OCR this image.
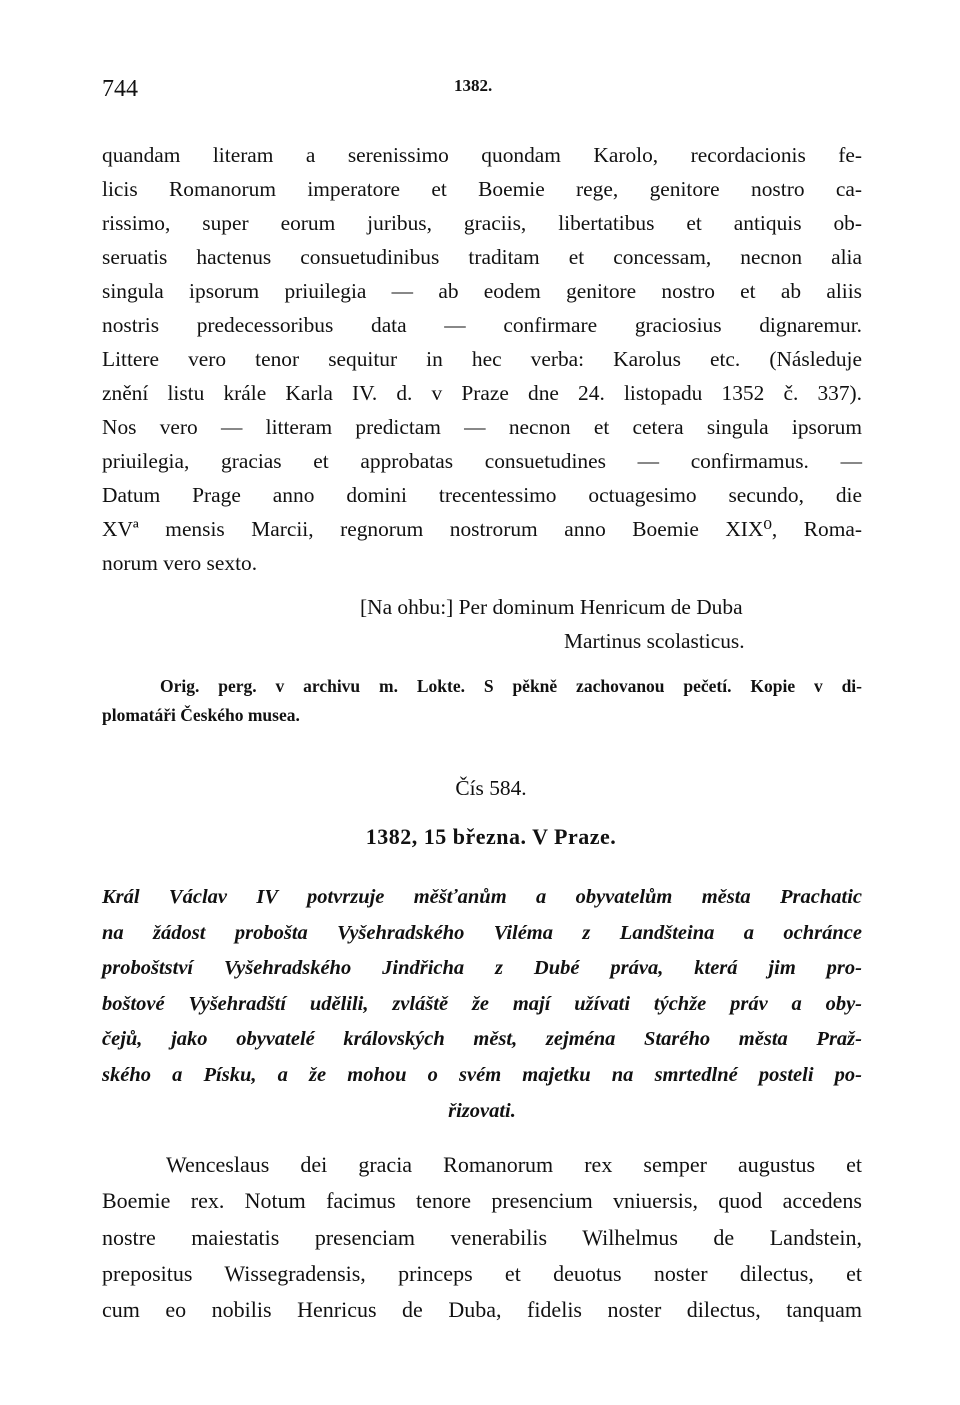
744	1382.
quandam literam a serenissimo quondam Karolo, recordacionis fe-
licis Romanorum imperatore et Boemie rege, genitore nostro ca-
rissimo, super eorum juribus, graciis, libertatibus et antiquis ob-
seruatis hactenus consuetudinibus traditam et concessam, necnon alia
singula ipsorum priuilegia — ab eodem genitore nostro et ab aliis
nostris predecessoribus data — confirmare graciosius dignaremur.
Littere vero tenor sequitur in hec verba: Karolus etc. (Následuje
znění listu krále Karla IV. d. v Praze dne 24. listopadu 1352 č. 337).
Nos vero — litteram predictam — necnon et cetera singula ipsorum
priuilegia, gracias et approbatas consuetudines — confirmamus. —
Datum Prage anno domini trecentessimo octuagesimo secundo, die
XVª mensis Marcii, regnorum nostrorum anno Boemie XIX⁰, Roma-
norum vero sexto.
[Na ohbu:] Per dominum Henricum de Duba
Martinus scolasticus.
Orig. perg. v archivu m. Lokte. S pěkně zachovanou pečetí. Kopie v di-
plomatáři Českého musea.
Čís 584.
1382, 15 března. V Praze.
Král Václav IV potvrzuje měšťanům a obyvatelům města Prachatic
na žádost probošta Vyšehradského Viléma z Landšteina a ochránce
proboštství Vyšehradského Jindřicha z Dubé práva, která jim pro-
boštové Vyšehradští udělili, zvláště že mají užívati týchže práv a oby-
čejů, jako obyvatelé královských měst, zejména Starého města Praž-
ského a Písku, a že mohou o svém majetku na smrtedlné posteli po-
řizovati.
Wenceslaus dei gracia Romanorum rex semper augustus et
Boemie rex. Notum facimus tenore presencium vniuersis, quod accedens
nostre maiestatis presenciam venerabilis Wilhelmus de Landstein,
prepositus Wissegradensis, princeps et deuotus noster dilectus, et
cum eo nobilis Henricus de Duba, fidelis noster dilectus, tanquam
